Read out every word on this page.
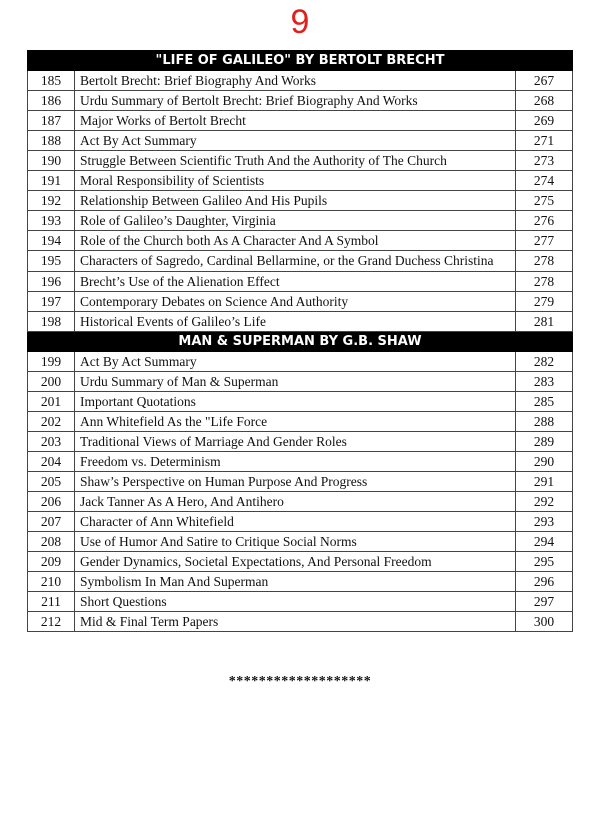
9
"LIFE OF GALILEO" BY BERTOLT BRECHT		
185	Bertolt Brecht: Brief Biography And Works	267
186	Urdu Summary of Bertolt Brecht: Brief Biography And Works	268
187	Major Works of Bertolt Brecht	269
188	Act By Act Summary	271
190	Struggle Between Scientific Truth And the Authority of The Church	273
191	Moral Responsibility of Scientists	274
192	Relationship Between Galileo And His Pupils	275
193	Role of Galileo’s Daughter, Virginia	276
194	Role of the Church both As A Character And A Symbol	277
195	Characters of Sagredo, Cardinal Bellarmine, or the Grand Duchess Christina	278
196	Brecht’s Use of the Alienation Effect	278
197	Contemporary Debates on Science And Authority	279
198	Historical Events of Galileo’s Life	281
MAN & SUPERMAN BY G.B. SHAW		
199	Act By Act Summary	282
200	Urdu Summary of Man & Superman	283
201	Important Quotations	285
202	Ann Whitefield As the "Life Force	288
203	Traditional Views of Marriage And Gender Roles	289
204	Freedom vs. Determinism	290
205	Shaw’s Perspective on Human Purpose And Progress	291
206	Jack Tanner As A Hero, And Antihero	292
207	Character of Ann Whitefield	293
208	Use of Humor And Satire to Critique Social Norms	294
209	Gender Dynamics, Societal Expectations, And Personal Freedom	295
210	Symbolism In Man And Superman	296
211	Short Questions	297
212	Mid & Final Term Papers	300
*******************
